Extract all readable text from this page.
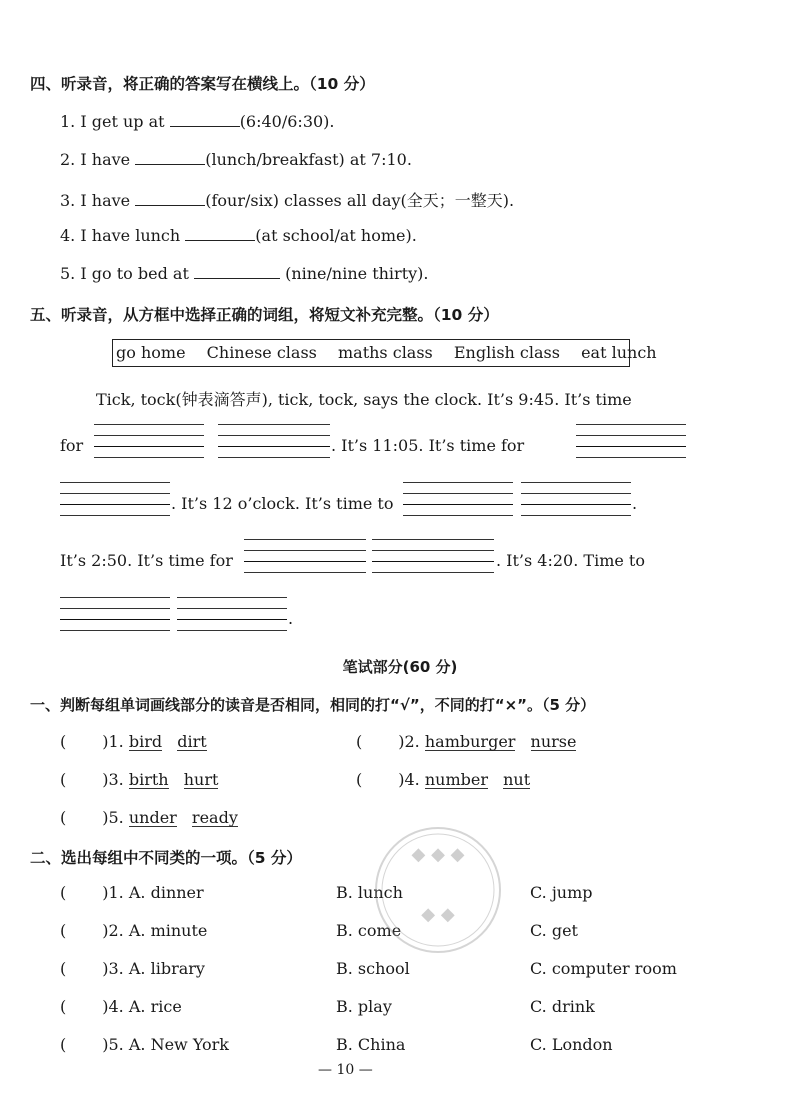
四、听录音，将正确的答案写在横线上。（10 分）
1. I get up at	(6:40/6:30).
2. I have	(lunch/breakfast) at 7:10.
3. I have	(four/six) classes all day(全天；一整天).
4. I have lunch	(at school/at home).
5. I go to bed at	(nine/nine thirty).
五、听录音，从方框中选择正确的词组，将短文补充完整。（10 分）
go home Chinese class maths class English class eat lunch
Tick, tock(钟表滴答声), tick, tock, says the clock. It’s 9:45. It’s time
for	. It’s 11:05. It’s time for
. It’s 12 o’clock. It’s time to	.
It’s 2:50. It’s time for	. It’s 4:20. Time to
.
笔试部分(60 分)
一、判断每组单词画线部分的读音是否相同，相同的打“√”，不同的打“×”。（5 分）
( )1. bird dirt	( )2. hamburger nurse
( )3. birth hurt	( )4. number nut
( )5. under ready
二、选出每组中不同类的一项。（5 分）
( )1. A. dinner	B. lunch	C. jump
( )2. A. minute	B. come	C. get
( )3. A. library	B. school	C. computer room
( )4. A. rice	B. play	C. drink
( )5. A. New York	B. China	C. London
◆ ◆ ◆
◆ ◆
— 10 —
